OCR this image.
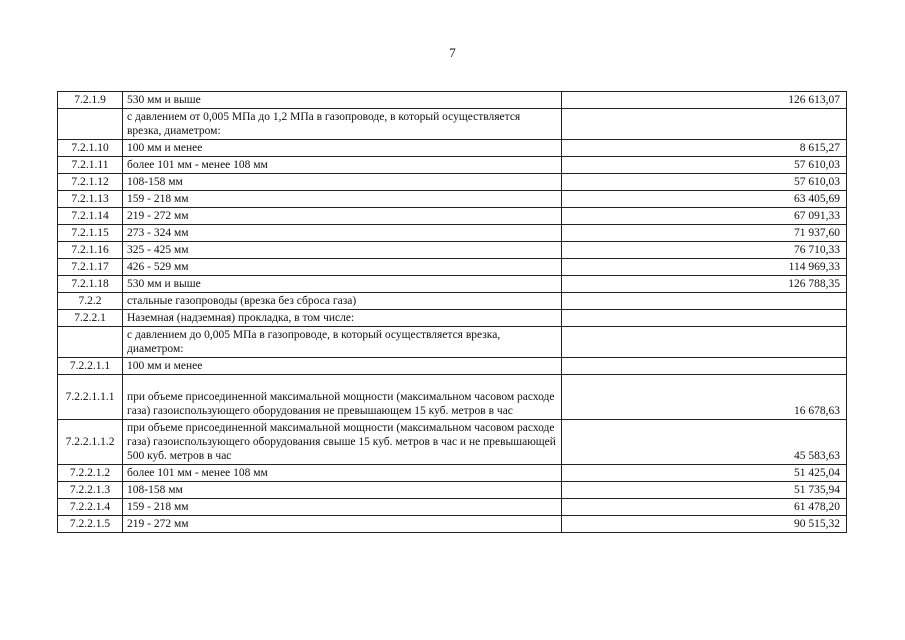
7
7.2.1.9	530 мм и выше	126 613,07
	с давлением от 0,005 МПа до 1,2 МПа в газопроводе, в который осуществляется врезка, диаметром:	
7.2.1.10	100 мм и менее	8 615,27
7.2.1.11	более 101 мм - менее 108 мм	57 610,03
7.2.1.12	108-158 мм	57 610,03
7.2.1.13	159 - 218 мм	63 405,69
7.2.1.14	219 - 272 мм	67 091,33
7.2.1.15	273 - 324 мм	71 937,60
7.2.1.16	325 - 425 мм	76 710,33
7.2.1.17	426 - 529 мм	114 969,33
7.2.1.18	530 мм и выше	126 788,35
7.2.2	стальные газопроводы (врезка без сброса газа)	
7.2.2.1	Наземная (надземная) прокладка, в том числе:	
	с давлением до 0,005 МПа в газопроводе, в который осуществляется врезка, диаметром:	
7.2.2.1.1	100 мм и менее	
7.2.2.1.1.1	при объеме присоединенной максимальной мощности (максимальном часовом расходе газа) газоиспользующего оборудования не превышающем 15 куб. метров в час	16 678,63
7.2.2.1.1.2	при объеме присоединенной максимальной мощности (максимальном часовом расходе газа) газоиспользующего оборудования свыше 15 куб. метров в час и не превышающей 500 куб. метров в час	45 583,63
7.2.2.1.2	более 101 мм - менее 108 мм	51 425,04
7.2.2.1.3	108-158 мм	51 735,94
7.2.2.1.4	159 - 218 мм	61 478,20
7.2.2.1.5	219 - 272 мм	90 515,32
